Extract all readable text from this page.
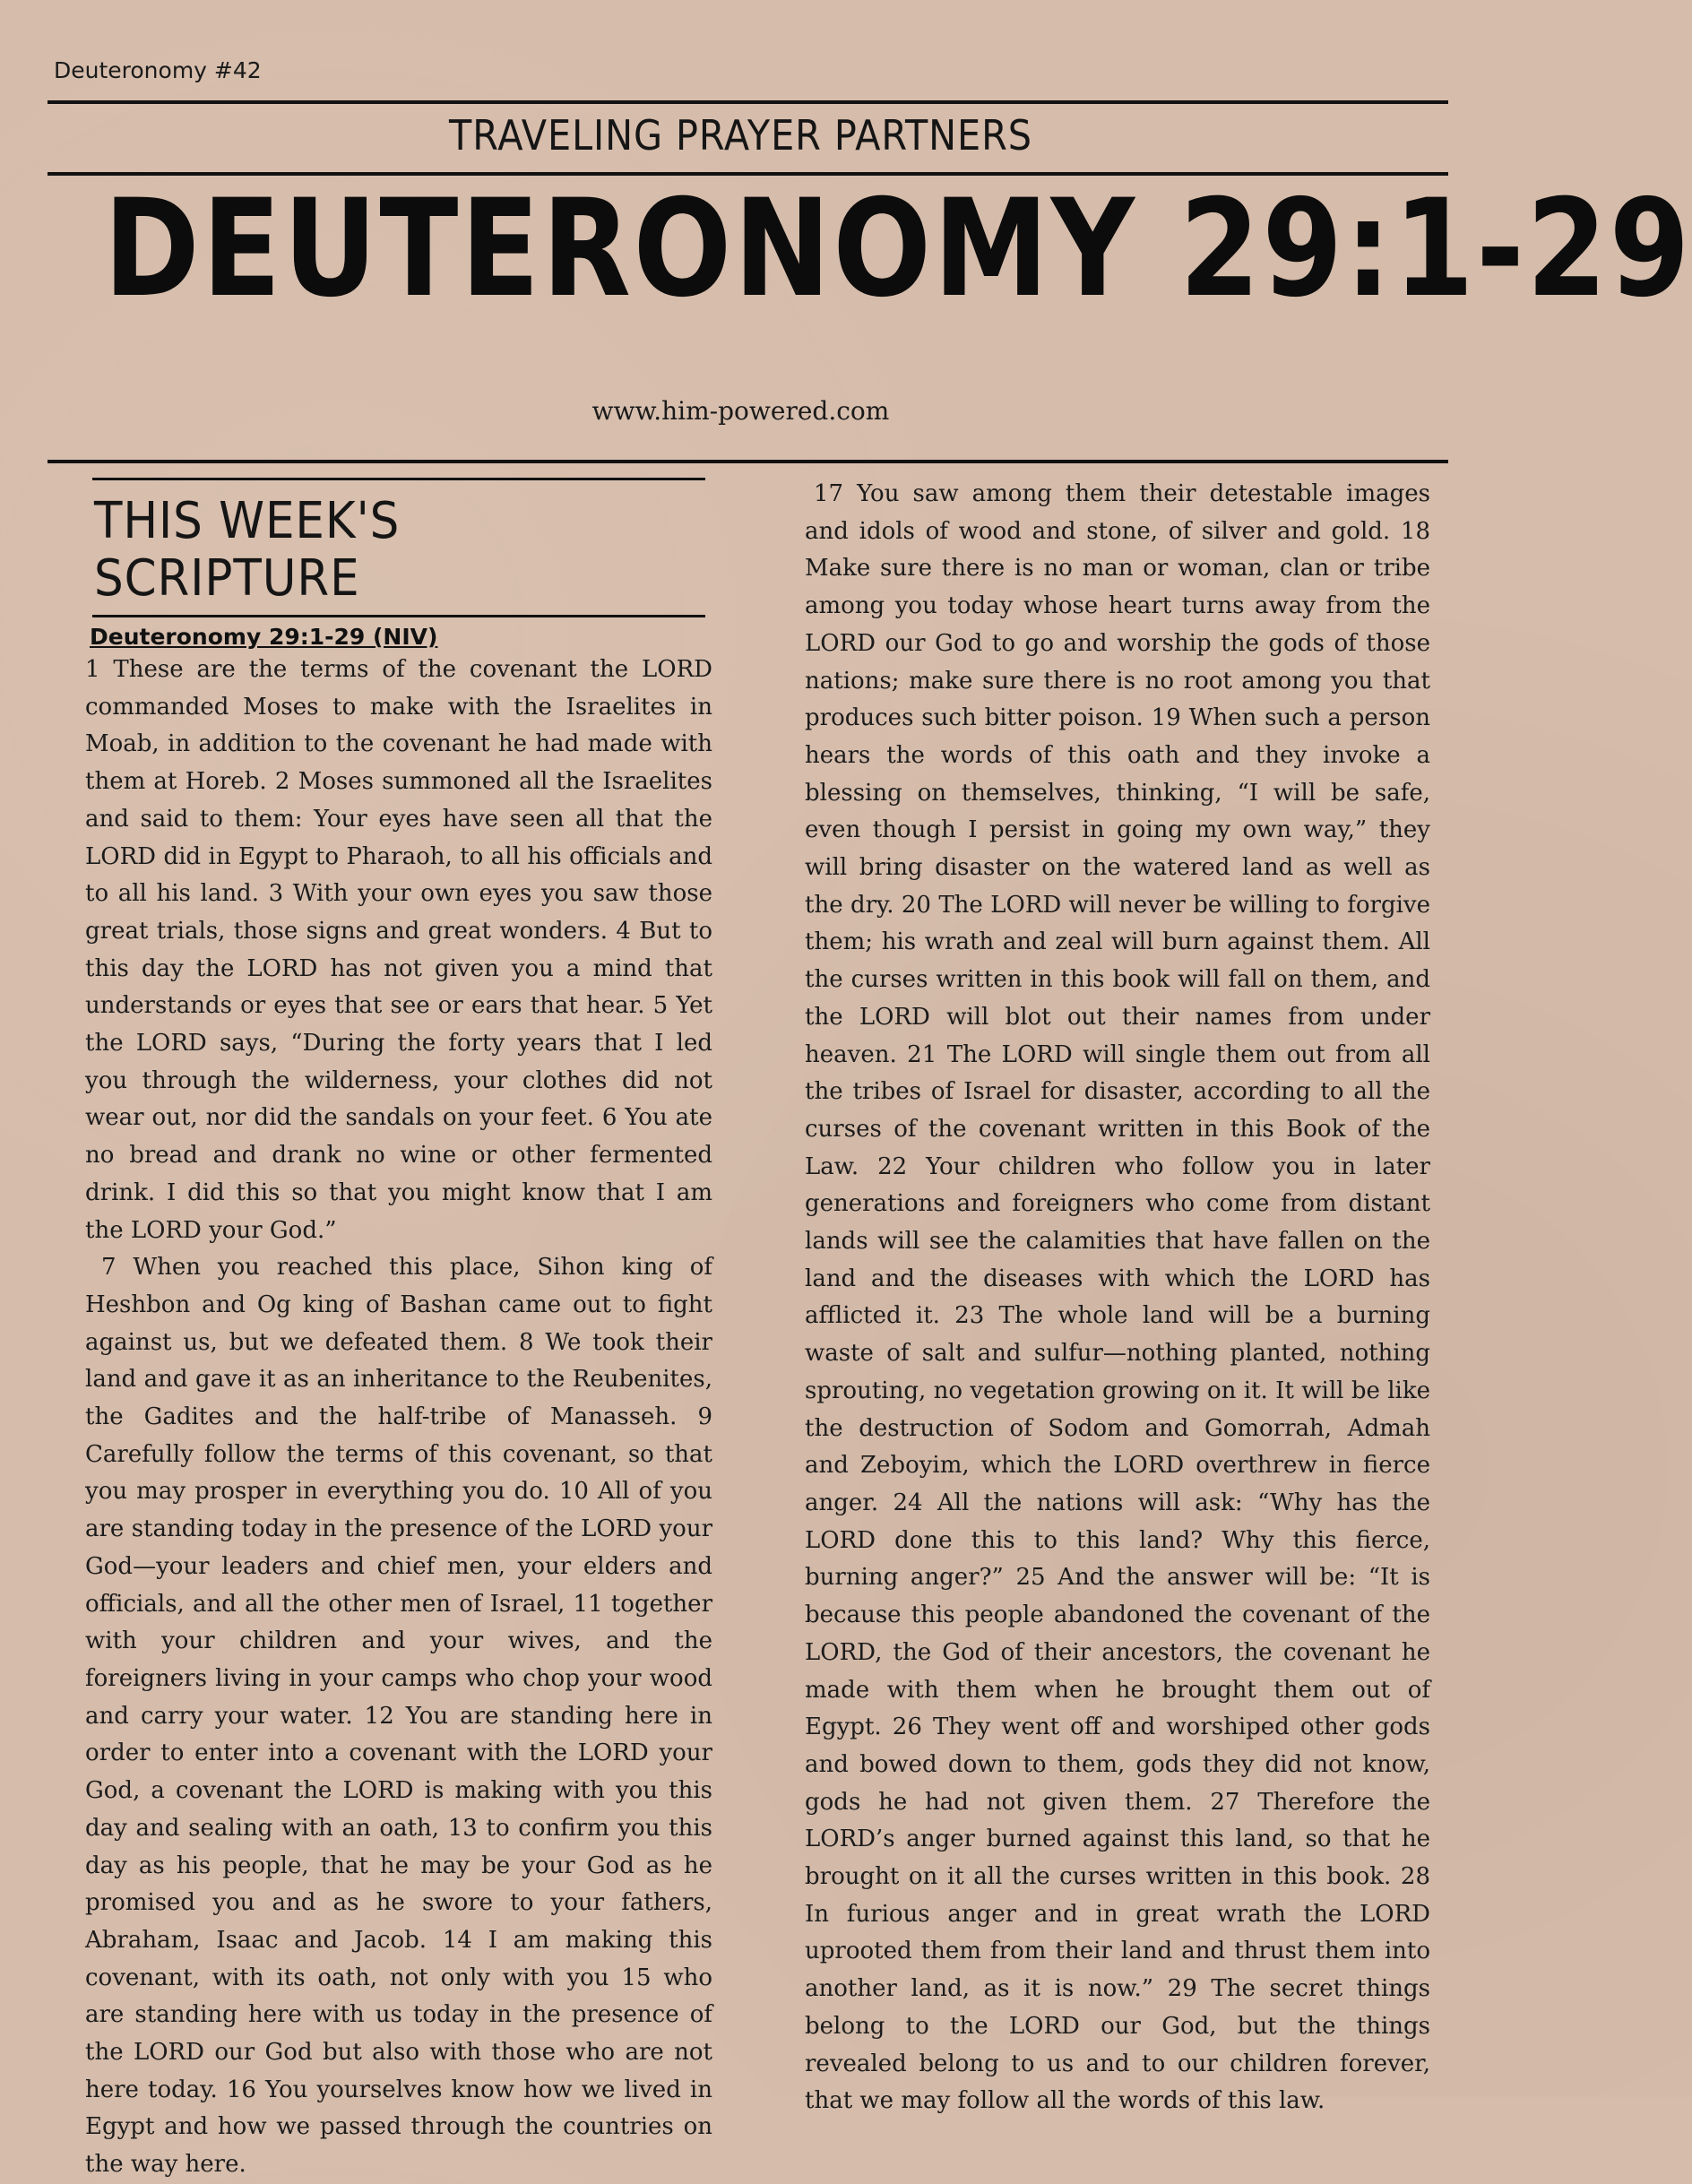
Deuteronomy #42
TRAVELING PRAYER PARTNERS
DEUTERONOMY 29:1-29
www.him-powered.com
THIS WEEK'S SCRIPTURE
Deuteronomy 29:1-29 (NIV)

1 These are the terms of the covenant the LORD commanded Moses to make with the Israelites in Moab, in addition to the covenant he had made with them at Horeb. 2 Moses summoned all the Israelites and said to them: Your eyes have seen all that the LORD did in Egypt to Pharaoh, to all his officials and to all his land. 3 With your own eyes you saw those great trials, those signs and great wonders. 4 But to this day the LORD has not given you a mind that understands or eyes that see or ears that hear. 5 Yet the LORD says, “During the forty years that I led you through the wilderness, your clothes did not wear out, nor did the sandals on your feet. 6 You ate no bread and drank no wine or other fermented drink. I did this so that you might know that I am the LORD your God.”

7 When you reached this place, Sihon king of Heshbon and Og king of Bashan came out to fight against us, but we defeated them. 8 We took their land and gave it as an inheritance to the Reubenites, the Gadites and the half-tribe of Manasseh. 9 Carefully follow the terms of this covenant, so that you may prosper in everything you do. 10 All of you are standing today in the presence of the LORD your God—your leaders and chief men, your elders and officials, and all the other men of Israel, 11 together with your children and your wives, and the foreigners living in your camps who chop your wood and carry your water. 12 You are standing here in order to enter into a covenant with the LORD your God, a covenant the LORD is making with you this day and sealing with an oath, 13 to confirm you this day as his people, that he may be your God as he promised you and as he swore to your fathers, Abraham, Isaac and Jacob. 14 I am making this covenant, with its oath, not only with you 15 who are standing here with us today in the presence of the LORD our God but also with those who are not here today. 16 You yourselves know how we lived in Egypt and how we passed through the countries on the way here.

17 You saw among them their detestable images and idols of wood and stone, of silver and gold. 18 Make sure there is no man or woman, clan or tribe among you today whose heart turns away from the LORD our God to go and worship the gods of those nations; make sure there is no root among you that produces such bitter poison. 19 When such a person hears the words of this oath and they invoke a blessing on themselves, thinking, “I will be safe, even though I persist in going my own way,” they will bring disaster on the watered land as well as the dry. 20 The LORD will never be willing to forgive them; his wrath and zeal will burn against them. All the curses written in this book will fall on them, and the LORD will blot out their names from under heaven. 21 The LORD will single them out from all the tribes of Israel for disaster, according to all the curses of the covenant written in this Book of the Law. 22 Your children who follow you in later generations and foreigners who come from distant lands will see the calamities that have fallen on the land and the diseases with which the LORD has afflicted it. 23 The whole land will be a burning waste of salt and sulfur—nothing planted, nothing sprouting, no vegetation growing on it. It will be like the destruction of Sodom and Gomorrah, Admah and Zeboyim, which the LORD overthrew in fierce anger. 24 All the nations will ask: “Why has the LORD done this to this land? Why this fierce, burning anger?” 25 And the answer will be: “It is because this people abandoned the covenant of the LORD, the God of their ancestors, the covenant he made with them when he brought them out of Egypt. 26 They went off and worshiped other gods and bowed down to them, gods they did not know, gods he had not given them. 27 Therefore the LORD’s anger burned against this land, so that he brought on it all the curses written in this book. 28 In furious anger and in great wrath the LORD uprooted them from their land and thrust them into another land, as it is now.” 29 The secret things belong to the LORD our God, but the things revealed belong to us and to our children forever, that we may follow all the words of this law.
